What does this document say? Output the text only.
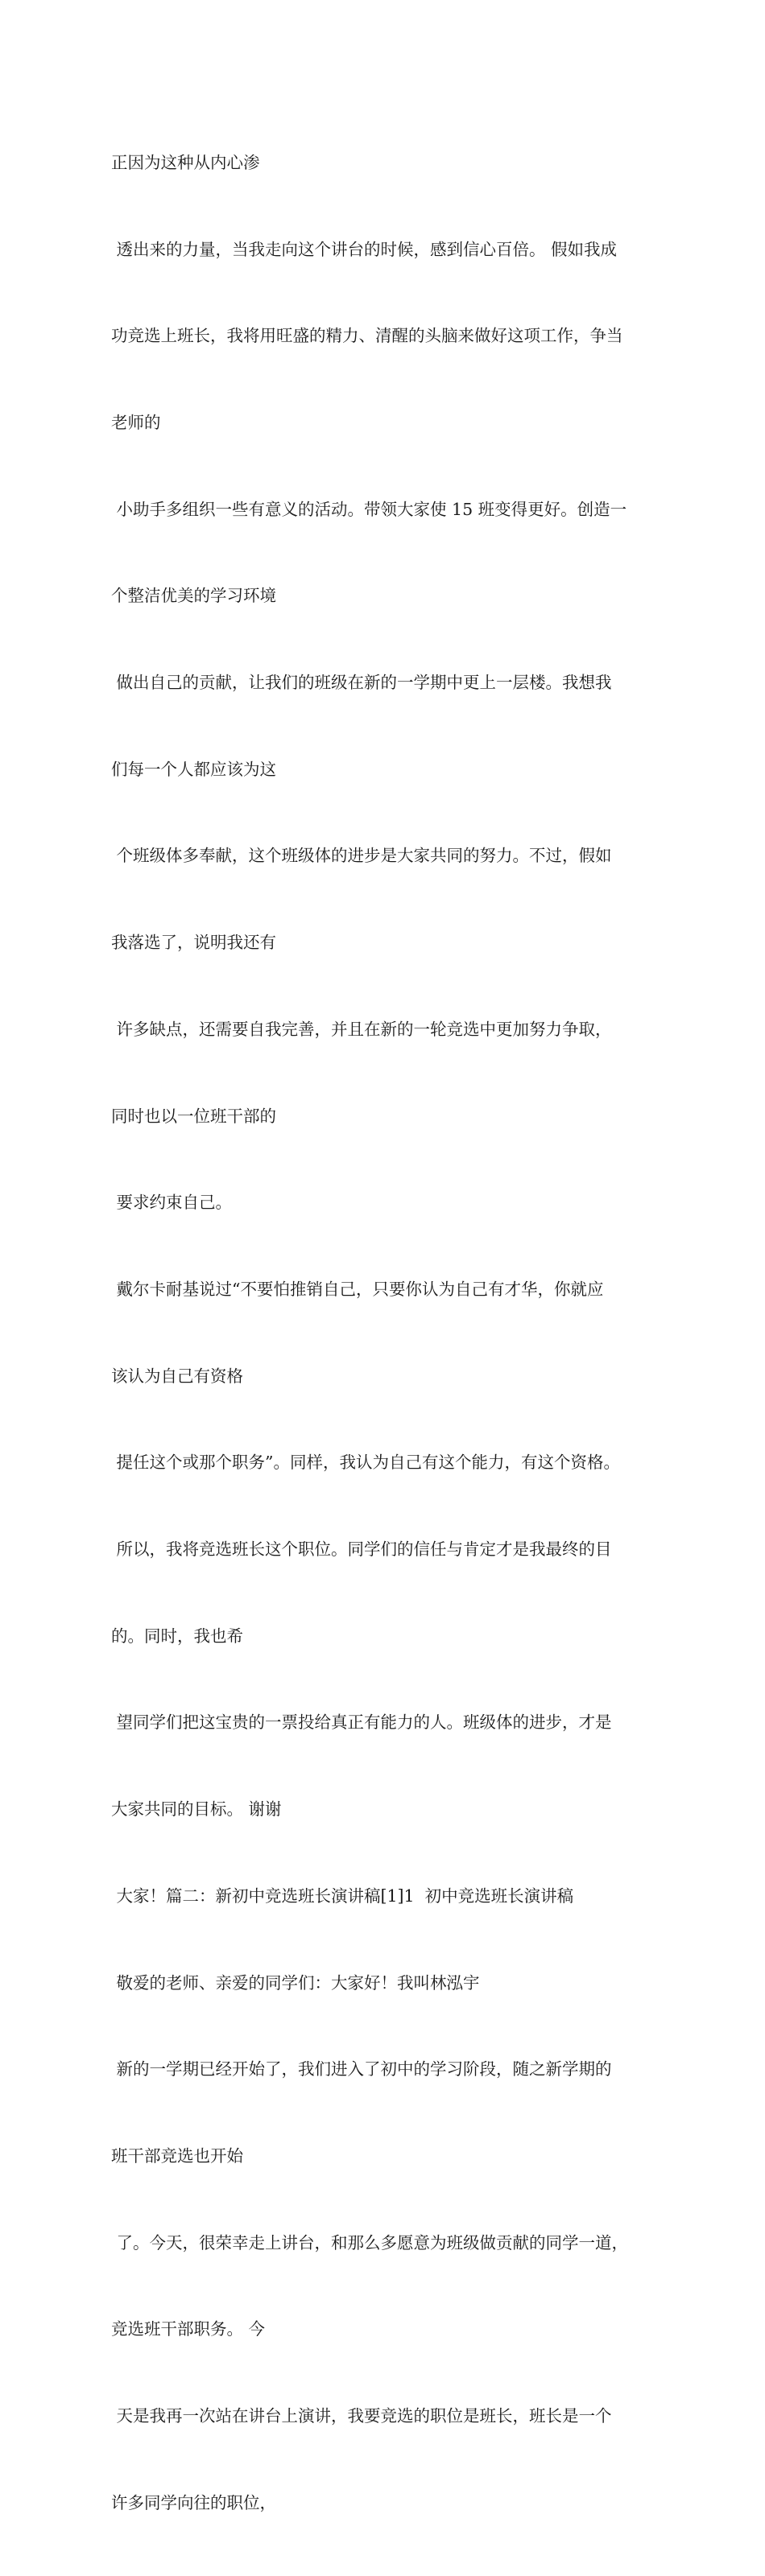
正因为这种从内心渗

透出来的力量，当我走向这个讲台的时候，感到信心百倍。 假如我成

功竞选上班长，我将用旺盛的精力、清醒的头脑来做好这项工作，争当

老师的

小助手多组织一些有意义的活动。带领大家使 15 班变得更好。创造一

个整洁优美的学习环境

做出自己的贡献，让我们的班级在新的一学期中更上一层楼。我想我

们每一个人都应该为这

个班级体多奉献，这个班级体的进步是大家共同的努力。不过，假如

我落选了，说明我还有

许多缺点，还需要自我完善，并且在新的一轮竞选中更加努力争取，

同时也以一位班干部的

要求约束自己。

戴尔卡耐基说过“不要怕推销自己，只要你认为自己有才华，你就应

该认为自己有资格

提任这个或那个职务”。同样，我认为自己有这个能力，有这个资格。

所以，我将竞选班长这个职位。同学们的信任与肯定才是我最终的目

的。同时，我也希

望同学们把这宝贵的一票投给真正有能力的人。班级体的进步，才是

大家共同的目标。 谢谢

大家！篇二：新初中竞选班长演讲稿[1]1  初中竞选班长演讲稿

敬爱的老师、亲爱的同学们：大家好！我叫林泓宇

新的一学期已经开始了，我们进入了初中的学习阶段，随之新学期的

班干部竞选也开始

了。今天，很荣幸走上讲台，和那么多愿意为班级做贡献的同学一道，

竞选班干部职务。 今

天是我再一次站在讲台上演讲，我要竞选的职位是班长，班长是一个

许多同学向往的职位，
